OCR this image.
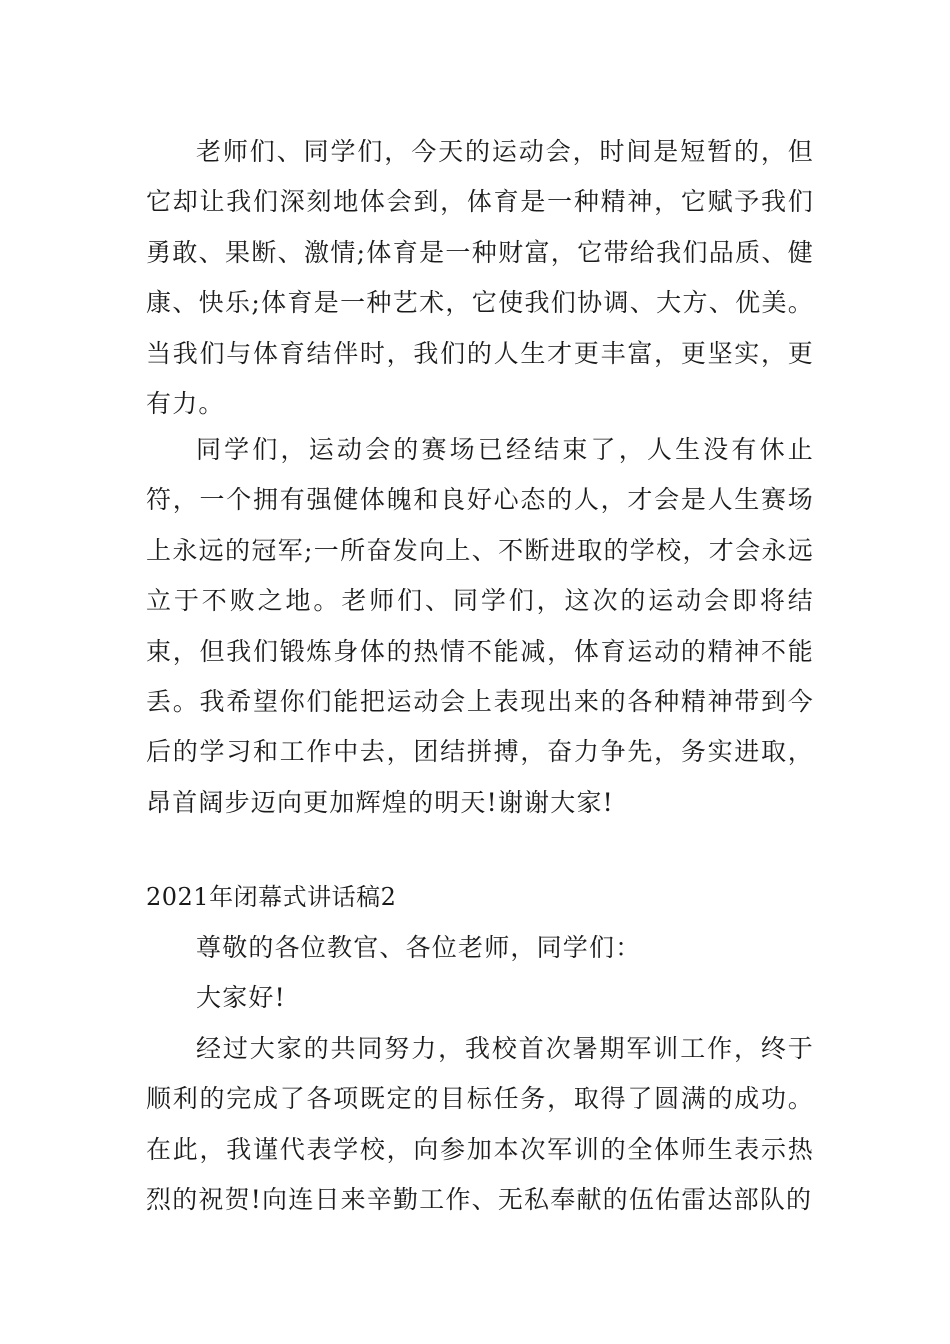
老师们、同学们，今天的运动会，时间是短暂的，但它却让我们深刻地体会到，体育是一种精神，它赋予我们勇敢、果断、激情;体育是一种财富，它带给我们品质、健康、快乐;体育是一种艺术，它使我们协调、大方、优美。当我们与体育结伴时，我们的人生才更丰富，更坚实，更有力。

同学们，运动会的赛场已经结束了，人生没有休止符，一个拥有强健体魄和良好心态的人，才会是人生赛场上永远的冠军;一所奋发向上、不断进取的学校，才会永远立于不败之地。老师们、同学们，这次的运动会即将结束，但我们锻炼身体的热情不能减，体育运动的精神不能丢。我希望你们能把运动会上表现出来的各种精神带到今后的学习和工作中去，团结拼搏，奋力争先，务实进取，昂首阔步迈向更加辉煌的明天!谢谢大家!

2021年闭幕式讲话稿2

尊敬的各位教官、各位老师，同学们：

大家好!

经过大家的共同努力，我校首次暑期军训工作，终于顺利的完成了各项既定的目标任务，取得了圆满的成功。在此，我谨代表学校，向参加本次军训的全体师生表示热烈的祝贺!向连日来辛勤工作、无私奉献的伍佑雷达部队的
